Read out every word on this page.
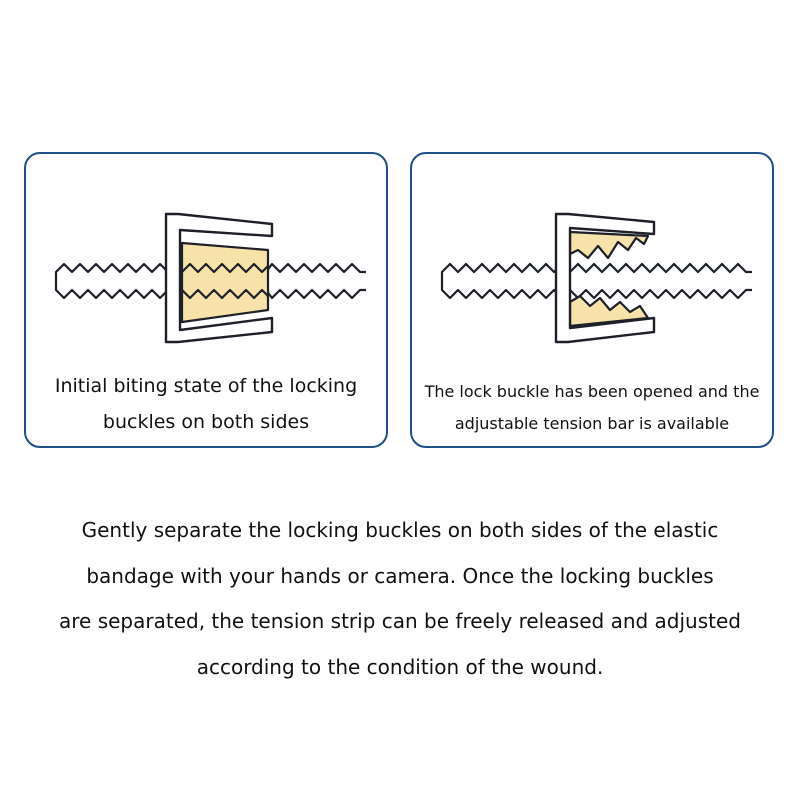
Initial biting state of the locking
buckles on both sides
The lock buckle has been opened and the
adjustable tension bar is available
Gently separate the locking buckles on both sides of the elastic
bandage with your hands or camera. Once the locking buckles
are separated, the tension strip can be freely released and adjusted
according to the condition of the wound.
